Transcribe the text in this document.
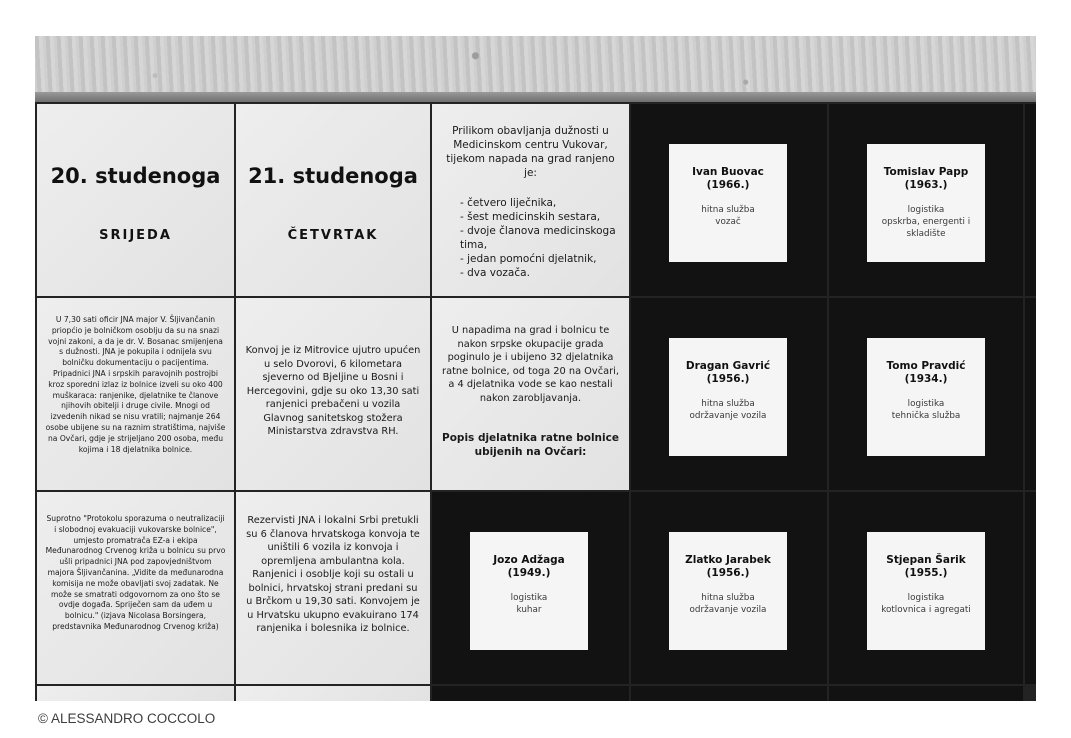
20. studenoga
SRIJEDA
21. studenoga
ČETVRTAK
Prilikom obavljanja dužnosti u Medicinskom centru Vukovar, tijekom napada na grad ranjeno je:
- četvero liječnika,
- šest medicinskih sestara,
- dvoje članova medicinskoga tima,
- jedan pomoćni djelatnik,
- dva vozača.
Ivan Buovac
(1966.)
hitna služba
vozač
Tomislav Papp
(1963.)
logistika
opskrba, energenti i
skladište
U 7,30 sati oficir JNA major V. Šljivančanin priopćio je bolničkom osoblju da su na snazi vojni zakoni, a da je dr. V. Bosanac smijenjena s dužnosti. JNA je pokupila i odnijela svu bolničku dokumentaciju o pacijentima. Pripadnici JNA i srpskih paravojnih postrojbi kroz sporedni izlaz iz bolnice izveli su oko 400 muškaraca: ranjenike, djelatnike te članove njihovih obitelji i druge civile. Mnogi od izvedenih nikad se nisu vratili; najmanje 264 osobe ubijene su na raznim stratištima, najviše na Ovčari, gdje je strijeljano 200 osoba, među kojima i 18 djelatnika bolnice.
Konvoj je iz Mitrovice ujutro upućen u selo Dvorovi, 6 kilometara sjeverno od Bjeljine u Bosni i Hercegovini, gdje su oko 13,30 sati ranjenici prebačeni u vozila Glavnog sanitetskog stožera Ministarstva zdravstva RH.
U napadima na grad i bolnicu te nakon srpske okupacije grada poginulo je i ubijeno 32 djelatnika ratne bolnice, od toga 20 na Ovčari, a 4 djelatnika vode se kao nestali nakon zarobljavanja.
Popis djelatnika ratne bolnice ubijenih na Ovčari:
Dragan Gavrić
(1956.)
hitna služba
održavanje vozila
Tomo Pravdić
(1934.)
logistika
tehnička služba
Suprotno "Protokolu sporazuma o neutralizaciji i slobodnoj evakuaciji vukovarske bolnice", umjesto promatrača EZ-a i ekipa Međunarodnog Crvenog križa u bolnicu su prvo ušli pripadnici JNA pod zapovjedništvom majora Šljivančanina. „Vidite da međunarodna komisija ne može obavljati svoj zadatak. Ne može se smatrati odgovornom za ono što se ovdje događa. Spriječen sam da uđem u bolnicu." (izjava Nicolasa Borsingera, predstavnika Međunarodnog Crvenog križa)
Rezervisti JNA i lokalni Srbi pretukli su 6 članova hrvatskoga konvoja te uništili 6 vozila iz konvoja i opremljena ambulantna kola. Ranjenici i osoblje koji su ostali u bolnici, hrvatskoj strani predani su u Brčkom u 19,30 sati. Konvojem je u Hrvatsku ukupno evakuirano 174 ranjenika i bolesnika iz bolnice.
Jozo Adžaga
(1949.)
logistika
kuhar
Zlatko Jarabek
(1956.)
hitna služba
održavanje vozila
Stjepan Šarik
(1955.)
logistika
kotlovnica i agregati
© ALESSANDRO COCCOLO
